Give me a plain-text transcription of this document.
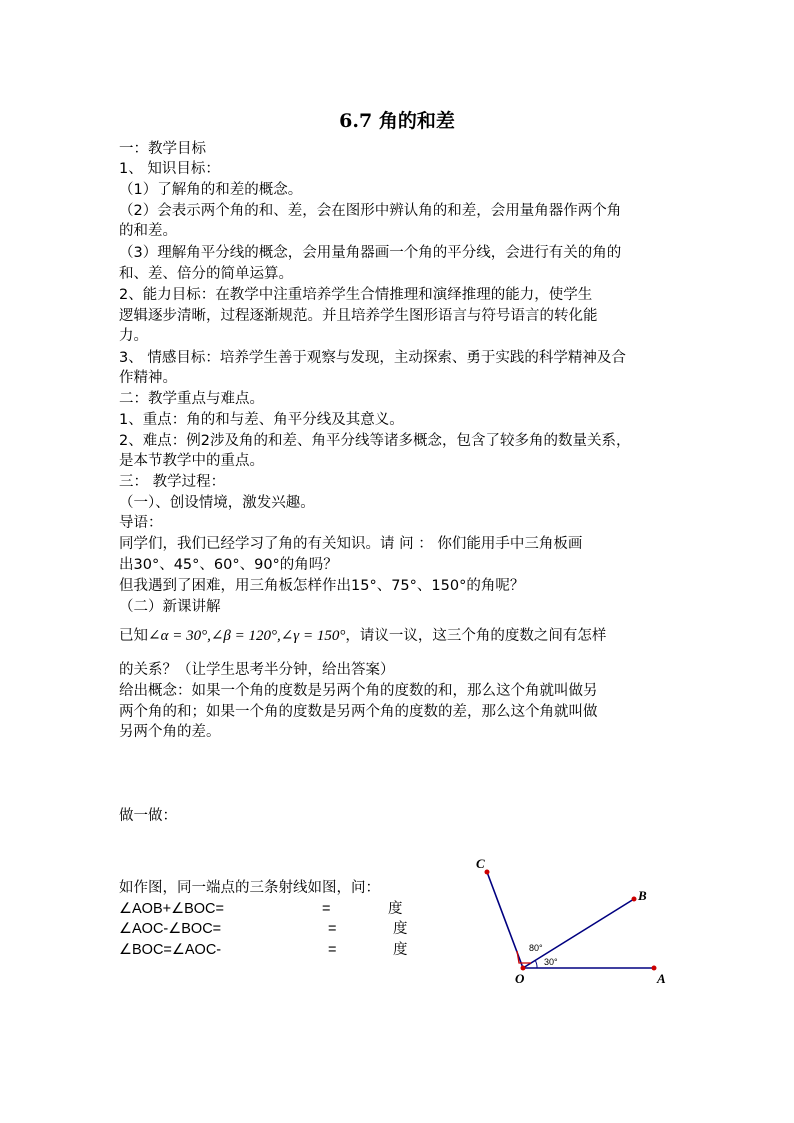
6.7 角的和差
一：教学目标
1、 知识目标：
（1）了解角的和差的概念。
（2）会表示两个角的和、差，会在图形中辨认角的和差，会用量角器作两个角
的和差。
（3）理解角平分线的概念，会用量角器画一个角的平分线，会进行有关的角的
和、差、倍分的简单运算。
2、能力目标：在教学中注重培养学生合情推理和演绎推理的能力，使学生
逻辑逐步清晰，过程逐渐规范。并且培养学生图形语言与符号语言的转化能
力。
3、 情感目标：培养学生善于观察与发现，主动探索、勇于实践的科学精神及合
作精神。
二：教学重点与难点。
1、重点：角的和与差、角平分线及其意义。
2、难点：例2涉及角的和差、角平分线等诸多概念，包含了较多角的数量关系，
是本节教学中的重点。
三： 教学过程：
（一）、创设情境，激发兴趣。
导语：
同学们，我们已经学习了角的有关知识。请 问 ： 你们能用手中三角板画
出30°、45°、60°、90°的角吗？
但我遇到了困难，用三角板怎样作出15°、75°、150°的角呢？
（二）新课讲解
已知∠α = 30°,∠β = 120°,∠γ = 150°，请议一议，这三个角的度数之间有怎样
的关系？（让学生思考半分钟，给出答案）
给出概念：如果一个角的度数是另两个角的度数的和，那么这个角就叫做另
两个角的和；如果一个角的度数是另两个角的度数的差，那么这个角就叫做
另两个角的差。
做一做：
如作图，同一端点的三条射线如图，问：
∠AOB+∠BOC=	=	度
∠AOC-∠BOC=	=	度
∠BOC=∠AOC-	=	度
C
B
O	A
80°
30°
